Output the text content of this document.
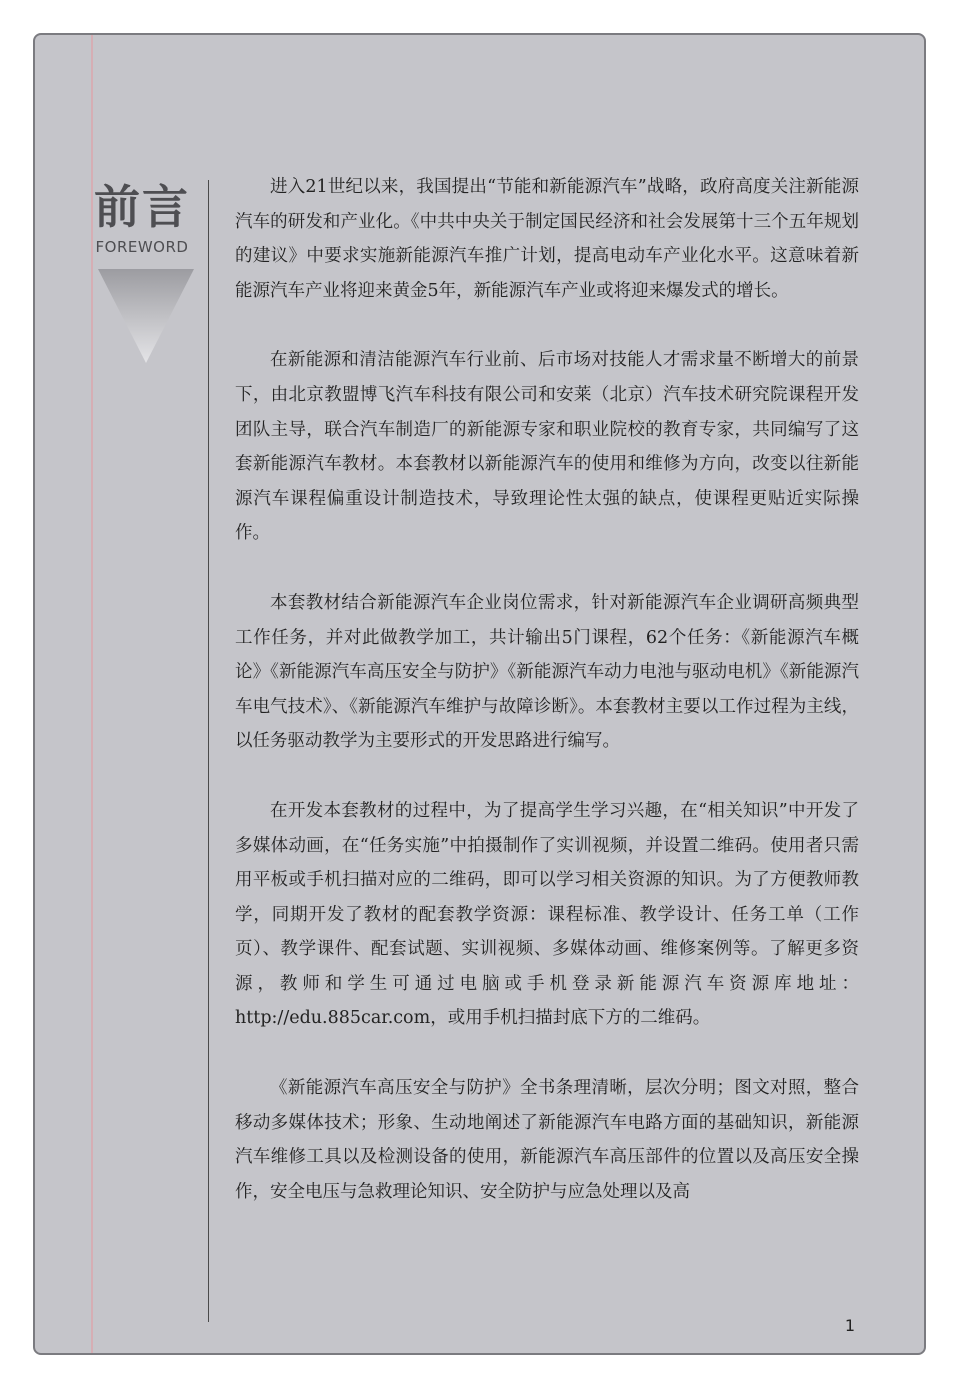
前言
FOREWORD

进入21世纪以来，我国提出“节能和新能源汽车”战略，政府高度关注新能源汽车的研发和产业化。《中共中央关于制定国民经济和社会发展第十三个五年规划的建议》中要求实施新能源汽车推广计划，提高电动车产业化水平。这意味着新能源汽车产业将迎来黄金5年，新能源汽车产业或将迎来爆发式的增长。

在新能源和清洁能源汽车行业前、后市场对技能人才需求量不断增大的前景下，由北京教盟博飞汽车科技有限公司和安莱（北京）汽车技术研究院课程开发团队主导，联合汽车制造厂的新能源专家和职业院校的教育专家，共同编写了这套新能源汽车教材。本套教材以新能源汽车的使用和维修为方向，改变以往新能源汽车课程偏重设计制造技术，导致理论性太强的缺点，使课程更贴近实际操作。

本套教材结合新能源汽车企业岗位需求，针对新能源汽车企业调研高频典型工作任务，并对此做教学加工，共计输出5门课程，62个任务：《新能源汽车概论》《新能源汽车高压安全与防护》《新能源汽车动力电池与驱动电机》《新能源汽车电气技术》、《新能源汽车维护与故障诊断》。本套教材主要以工作过程为主线，以任务驱动教学为主要形式的开发思路进行编写。

在开发本套教材的过程中，为了提高学生学习兴趣，在“相关知识”中开发了多媒体动画，在“任务实施”中拍摄制作了实训视频，并设置二维码。使用者只需用平板或手机扫描对应的二维码，即可以学习相关资源的知识。为了方便教师教学，同期开发了教材的配套教学资源：课程标准、教学设计、任务工单（工作页）、教学课件、配套试题、实训视频、多媒体动画、维修案例等。了解更多资源，教师和学生可通过电脑或手机登录新能源汽车资源库地址：http://edu.885car.com，或用手机扫描封底下方的二维码。

《新能源汽车高压安全与防护》全书条理清晰，层次分明；图文对照，整合移动多媒体技术；形象、生动地阐述了新能源汽车电路方面的基础知识，新能源汽车维修工具以及检测设备的使用，新能源汽车高压部件的位置以及高压安全操作，安全电压与急救理论知识、安全防护与应急处理以及高

1
